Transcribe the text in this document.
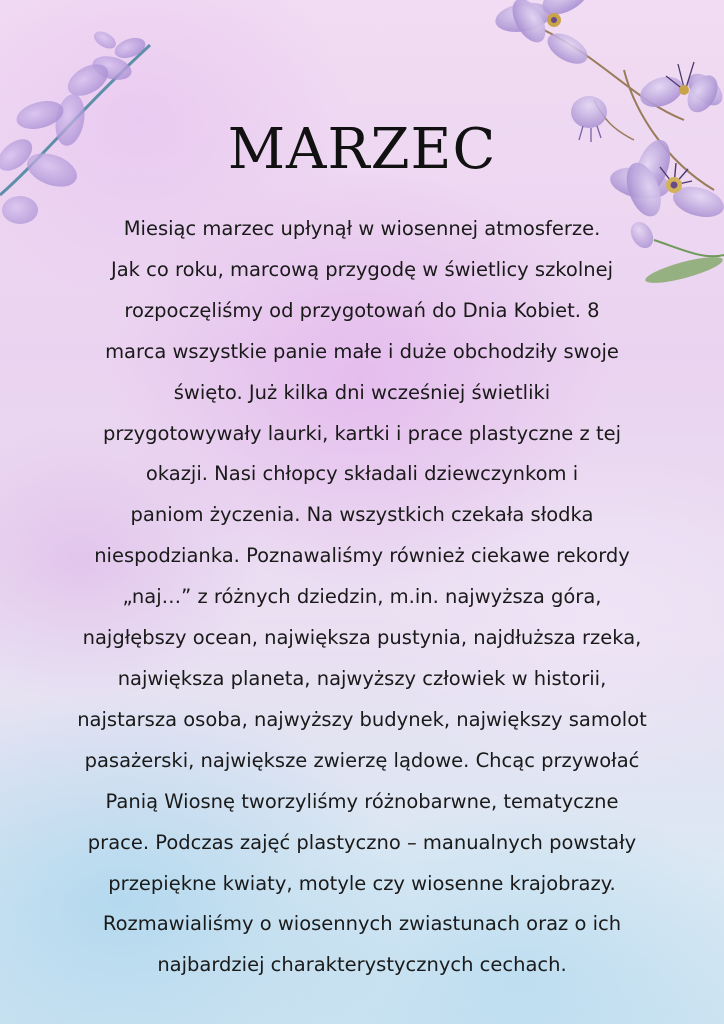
MARZEC
Miesiąc marzec upłynął w wiosennej atmosferze.
Jak co roku, marcową przygodę w świetlicy szkolnej
rozpoczęliśmy od przygotowań do Dnia Kobiet. 8
marca wszystkie panie małe i duże obchodziły swoje
święto. Już kilka dni wcześniej świetliki
przygotowywały laurki, kartki i prace plastyczne z tej
okazji. Nasi chłopcy składali dziewczynkom i
paniom życzenia. Na wszystkich czekała słodka
niespodzianka. Poznawaliśmy również ciekawe rekordy
„naj…” z różnych dziedzin, m.in. najwyższa góra,
najgłębszy ocean, największa pustynia, najdłuższa rzeka,
największa planeta, najwyższy człowiek w historii,
najstarsza osoba, najwyższy budynek, największy samolot
pasażerski, największe zwierzę lądowe. Chcąc przywołać
Panią Wiosnę tworzyliśmy różnobarwne, tematyczne
prace. Podczas zajęć plastyczno – manualnych powstały
przepiękne kwiaty, motyle czy wiosenne krajobrazy.
Rozmawialiśmy o wiosennych zwiastunach oraz o ich
najbardziej charakterystycznych cechach.
